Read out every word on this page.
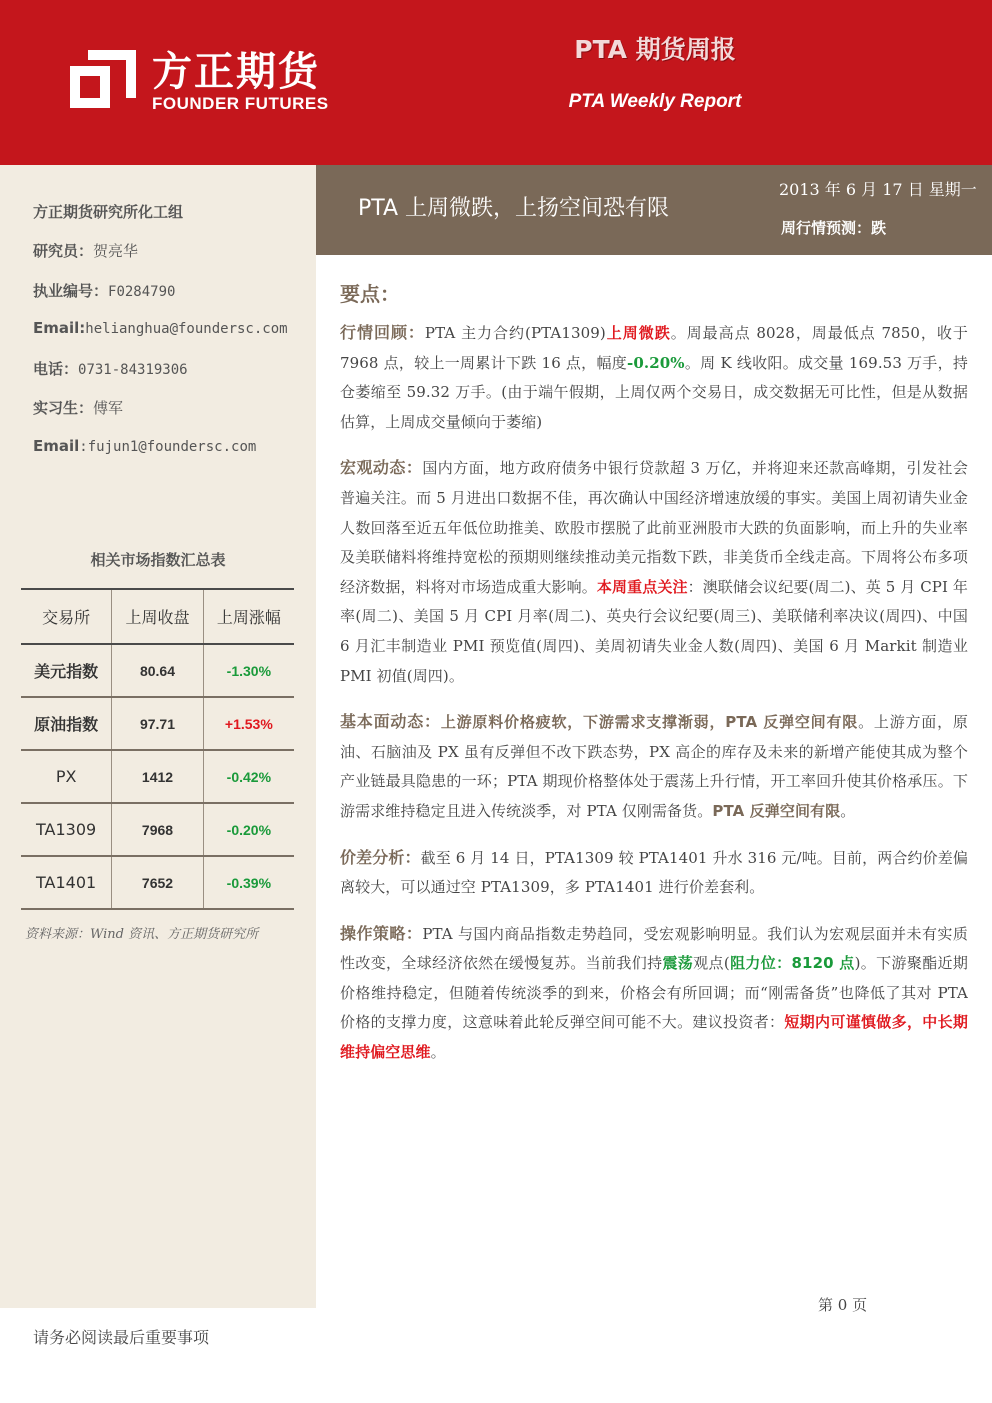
方正期货
FOUNDER FUTURES
PTA 期货周报
PTA Weekly Report
方正期货研究所化工组
研究员：贺亮华
执业编号：F0284790
Email:helianghua@foundersc.com
电话：0731-84319306
实习生：傅军
Email:fujun1@foundersc.com
相关市场指数汇总表
交易所	上周收盘	上周涨幅
美元指数	80.64	-1.30%
原油指数	97.71	+1.53%
PX	1412	-0.42%
TA1309	7968	-0.20%
TA1401	7652	-0.39%
资料来源：Wind 资讯、方正期货研究所
PTA 上周微跌，上扬空间恐有限
2013 年 6 月 17 日 星期一
周行情预测：跌
要点：

行情回顾：PTA 主力合约(PTA1309)上周微跌。周最高点 8028，周最低点 7850，收于 7968 点，较上一周累计下跌 16 点，幅度-0.20%。周 K 线收阳。成交量 169.53 万手，持仓萎缩至 59.32 万手。(由于端午假期，上周仅两个交易日，成交数据无可比性，但是从数据估算，上周成交量倾向于萎缩)

宏观动态：国内方面，地方政府债务中银行贷款超 3 万亿，并将迎来还款高峰期，引发社会普遍关注。而 5 月进出口数据不佳，再次确认中国经济增速放缓的事实。美国上周初请失业金人数回落至近五年低位助推美、欧股市摆脱了此前亚洲股市大跌的负面影响，而上升的失业率及美联储料将维持宽松的预期则继续推动美元指数下跌，非美货币全线走高。下周将公布多项经济数据，料将对市场造成重大影响。本周重点关注：澳联储会议纪要(周二)、英 5 月 CPI 年率(周二)、美国 5 月 CPI 月率(周二)、英央行会议纪要(周三)、美联储利率决议(周四)、中国 6 月汇丰制造业 PMI 预览值(周四)、美周初请失业金人数(周四)、美国 6 月 Markit 制造业 PMI 初值(周四)。

基本面动态：上游原料价格疲软，下游需求支撑渐弱，PTA 反弹空间有限。上游方面，原油、石脑油及 PX 虽有反弹但不改下跌态势，PX 高企的库存及未来的新增产能使其成为整个产业链最具隐患的一环；PTA 期现价格整体处于震荡上升行情，开工率回升使其价格承压。下游需求维持稳定且进入传统淡季，对 PTA 仅刚需备货。PTA 反弹空间有限。

价差分析：截至 6 月 14 日，PTA1309 较 PTA1401 升水 316 元/吨。目前，两合约价差偏离较大，可以通过空 PTA1309，多 PTA1401 进行价差套利。

操作策略：PTA 与国内商品指数走势趋同，受宏观影响明显。我们认为宏观层面并未有实质性改变，全球经济依然在缓慢复苏。当前我们持震荡观点(阻力位：8120 点)。下游聚酯近期价格维持稳定，但随着传统淡季的到来，价格会有所回调；而“刚需备货”也降低了其对 PTA 价格的支撑力度，这意味着此轮反弹空间可能不大。建议投资者：短期内可谨慎做多，中长期维持偏空思维。

第 0 页
请务必阅读最后重要事项
